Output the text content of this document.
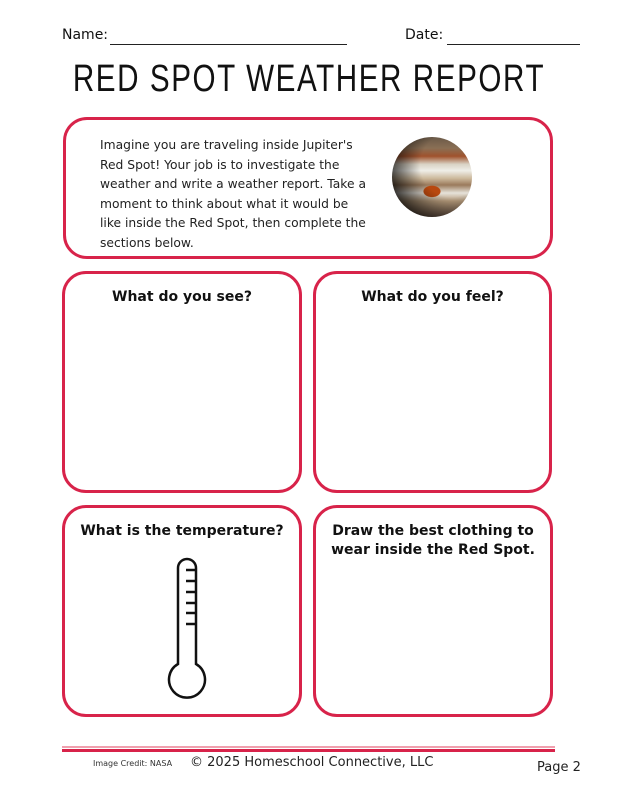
Name:	Date:
RED SPOT WEATHER REPORT
Imagine you are traveling inside Jupiter's Red Spot! Your job is to investigate the weather and write a weather report. Take a moment to think about what it would be like inside the Red Spot, then complete the sections below.
What do you see?	What do you feel?
What is the temperature?	Draw the best clothing to wear inside the Red Spot.
Image Credit: NASA © 2025 Homeschool Connective, LLC	Page 2
